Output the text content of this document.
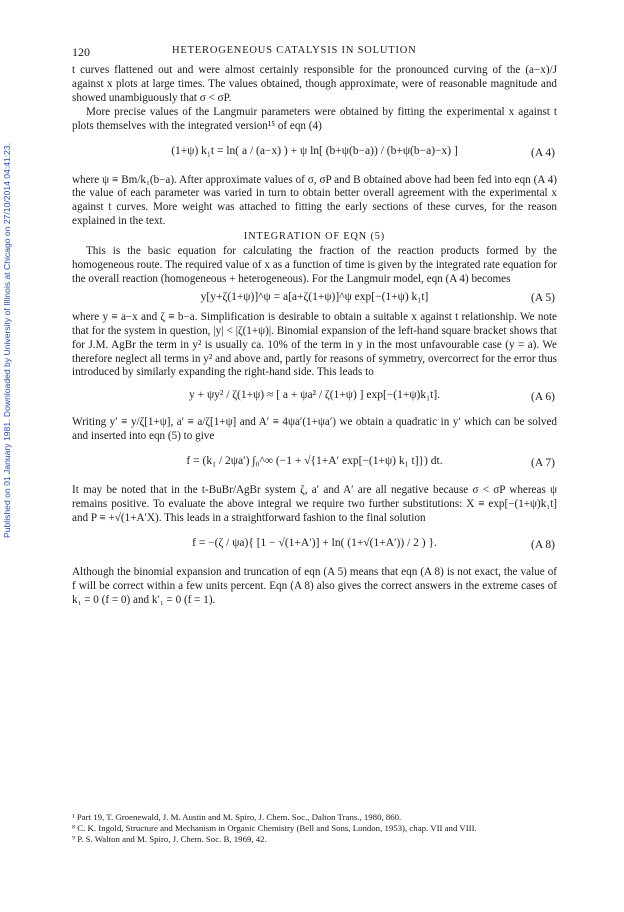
Published on 01 January 1981. Downloaded by University of Illinois at Chicago on 27/10/2014 04:41:23.
120	HETEROGENEOUS CATALYSIS IN SOLUTION

t curves flattened out and were almost certainly responsible for the pronounced curving of the (a−x)/J against x plots at large times. The values obtained, though approximate, were of reasonable magnitude and showed unambiguously that σ < σP.

More precise values of the Langmuir parameters were obtained by fitting the experimental x against t plots themselves with the integrated version¹⁵ of eqn (4)

(1+ψ) k₁t = ln( a / (a−x) ) + ψ ln[ (b+ψ(b−a)) / (b+ψ(b−a)−x) ]	(A 4)

where ψ ≡ Bm/k₁(b−a). After approximate values of σ, σP and B obtained above had been fed into eqn (A 4) the value of each parameter was varied in turn to obtain better overall agreement with the experimental x against t curves. More weight was attached to fitting the early sections of these curves, for the reason explained in the text.

INTEGRATION OF EQN (5)

This is the basic equation for calculating the fraction of the reaction products formed by the homogeneous route. The required value of x as a function of time is given by the integrated rate equation for the overall reaction (homogeneous + heterogeneous). For the Langmuir model, eqn (A 4) becomes

y[y+ζ(1+ψ)]^ψ = a[a+ζ(1+ψ)]^ψ exp[−(1+ψ) k₁t]	(A 5)

where y ≡ a−x and ζ ≡ b−a. Simplification is desirable to obtain a suitable x against t relationship. We note that for the system in question, |y| < |ζ(1+ψ)|. Binomial expansion of the left-hand square bracket shows that for J.M. AgBr the term in y² is usually ca. 10% of the term in y in the most unfavourable case (y = a). We therefore neglect all terms in y² and above and, partly for reasons of symmetry, overcorrect for the error thus introduced by similarly expanding the right-hand side. This leads to

y + ψy² / ζ(1+ψ) ≈ [ a + ψa² / ζ(1+ψ) ] exp[−(1+ψ)k₁t].	(A 6)

Writing y′ ≡ y/ζ[1+ψ], a′ ≡ a/ζ[1+ψ] and A′ ≡ 4ψa′(1+ψa′) we obtain a quadratic in y′ which can be solved and inserted into eqn (5) to give

f = (k₁ / 2ψa′) ∫₀^∞ (−1 + √{1+A′ exp[−(1+ψ) k₁ t]}) dt.	(A 7)

It may be noted that in the t-BuBr/AgBr system ζ, a′ and A′ are all negative because σ < σP whereas ψ remains positive. To evaluate the above integral we require two further substitutions: X ≡ exp[−(1+ψ)k₁t] and P ≡ +√(1+A′X). This leads in a straightforward fashion to the final solution

f = −(ζ / ψa){ [1 − √(1+A′)] + ln( (1+√(1+A′)) / 2 ) }.	(A 8)

Although the binomial expansion and truncation of eqn (A 5) means that eqn (A 8) is not exact, the value of f will be correct within a few units percent. Eqn (A 8) also gives the correct answers in the extreme cases of k₁ = 0 (f = 0) and k′₁ = 0 (f = 1).

¹ Part 19, T. Groenewald, J. M. Austin and M. Spiro, J. Chem. Soc., Dalton Trans., 1980, 860.
⁸ C. K. Ingold, Structure and Mechanism in Organic Chemistry (Bell and Sons, London, 1953), chap. VII and VIII.
⁹ P. S. Walton and M. Spiro, J. Chem. Soc. B, 1969, 42.
